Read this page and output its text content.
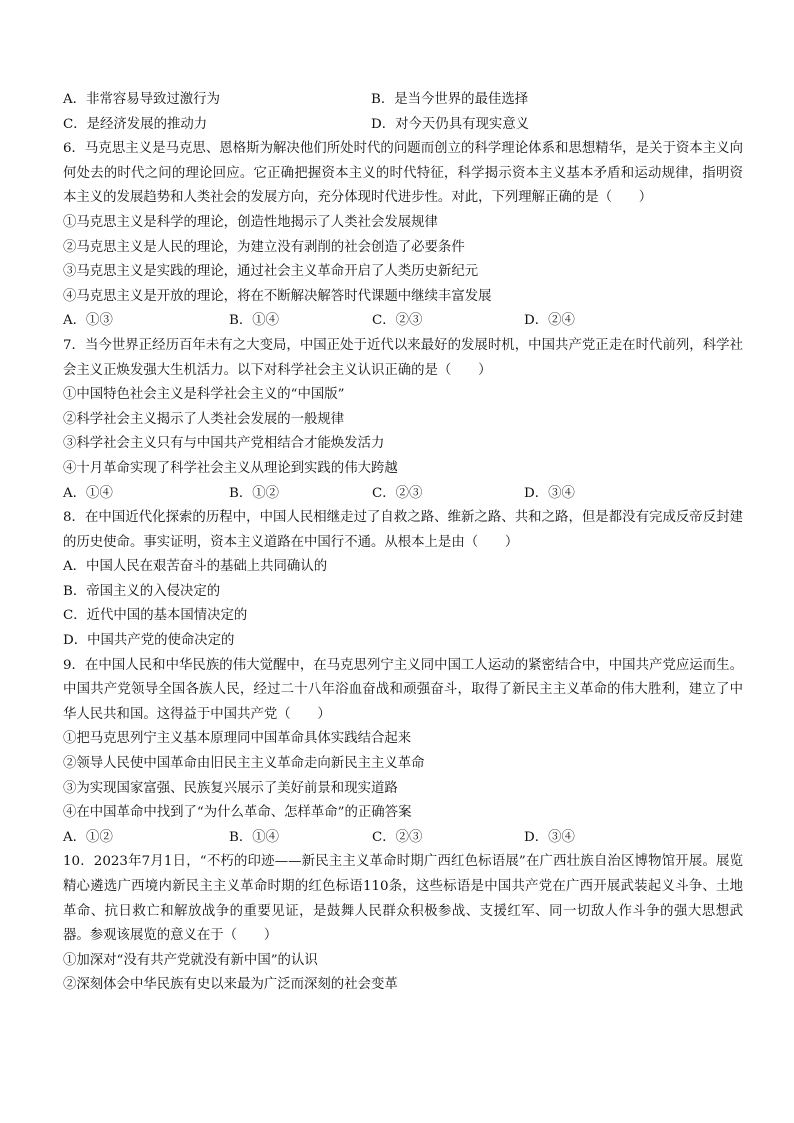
A．非常容易导致过激行为	B．是当今世界的最佳选择
C．是经济发展的推动力	D．对今天仍具有现实意义
6．马克思主义是马克思、恩格斯为解决他们所处时代的问题而创立的科学理论体系和思想精华，是关于资本主义向何处去的时代之问的理论回应。它正确把握资本主义的时代特征，科学揭示资本主义基本矛盾和运动规律，指明资本主义的发展趋势和人类社会的发展方向，充分体现时代进步性。对此，下列理解正确的是（　　）
①马克思主义是科学的理论，创造性地揭示了人类社会发展规律
②马克思主义是人民的理论，为建立没有剥削的社会创造了必要条件
③马克思主义是实践的理论，通过社会主义革命开启了人类历史新纪元
④马克思主义是开放的理论，将在不断解决解答时代课题中继续丰富发展
A．①③	B．①④	C．②③	D．②④
7．当今世界正经历百年未有之大变局，中国正处于近代以来最好的发展时机，中国共产党正走在时代前列，科学社会主义正焕发强大生机活力。以下对科学社会主义认识正确的是（　　）
①中国特色社会主义是科学社会主义的“中国版”
②科学社会主义揭示了人类社会发展的一般规律
③科学社会主义只有与中国共产党相结合才能焕发活力
④十月革命实现了科学社会主义从理论到实践的伟大跨越
A．①④	B．①②	C．②③	D．③④
8．在中国近代化探索的历程中，中国人民相继走过了自救之路、维新之路、共和之路，但是都没有完成反帝反封建的历史使命。事实证明，资本主义道路在中国行不通。从根本上是由（　　）
A．中国人民在艰苦奋斗的基础上共同确认的
B．帝国主义的入侵决定的
C．近代中国的基本国情决定的
D．中国共产党的使命决定的
9．在中国人民和中华民族的伟大觉醒中，在马克思列宁主义同中国工人运动的紧密结合中，中国共产党应运而生。中国共产党领导全国各族人民，经过二十八年浴血奋战和顽强奋斗，取得了新民主主义革命的伟大胜利，建立了中华人民共和国。这得益于中国共产党（　　）
①把马克思列宁主义基本原理同中国革命具体实践结合起来
②领导人民使中国革命由旧民主主义革命走向新民主主义革命
③为实现国家富强、民族复兴展示了美好前景和现实道路
④在中国革命中找到了“为什么革命、怎样革命”的正确答案
A．①②	B．①④	C．②③	D．③④
10．2023年7月1日，“不朽的印迹——新民主主义革命时期广西红色标语展”在广西壮族自治区博物馆开展。展览精心遴选广西境内新民主主义革命时期的红色标语110条，这些标语是中国共产党在广西开展武装起义斗争、土地革命、抗日救亡和解放战争的重要见证，是鼓舞人民群众积极参战、支援红军、同一切敌人作斗争的强大思想武器。参观该展览的意义在于（　　）
①加深对“没有共产党就没有新中国”的认识
②深刻体会中华民族有史以来最为广泛而深刻的社会变革
